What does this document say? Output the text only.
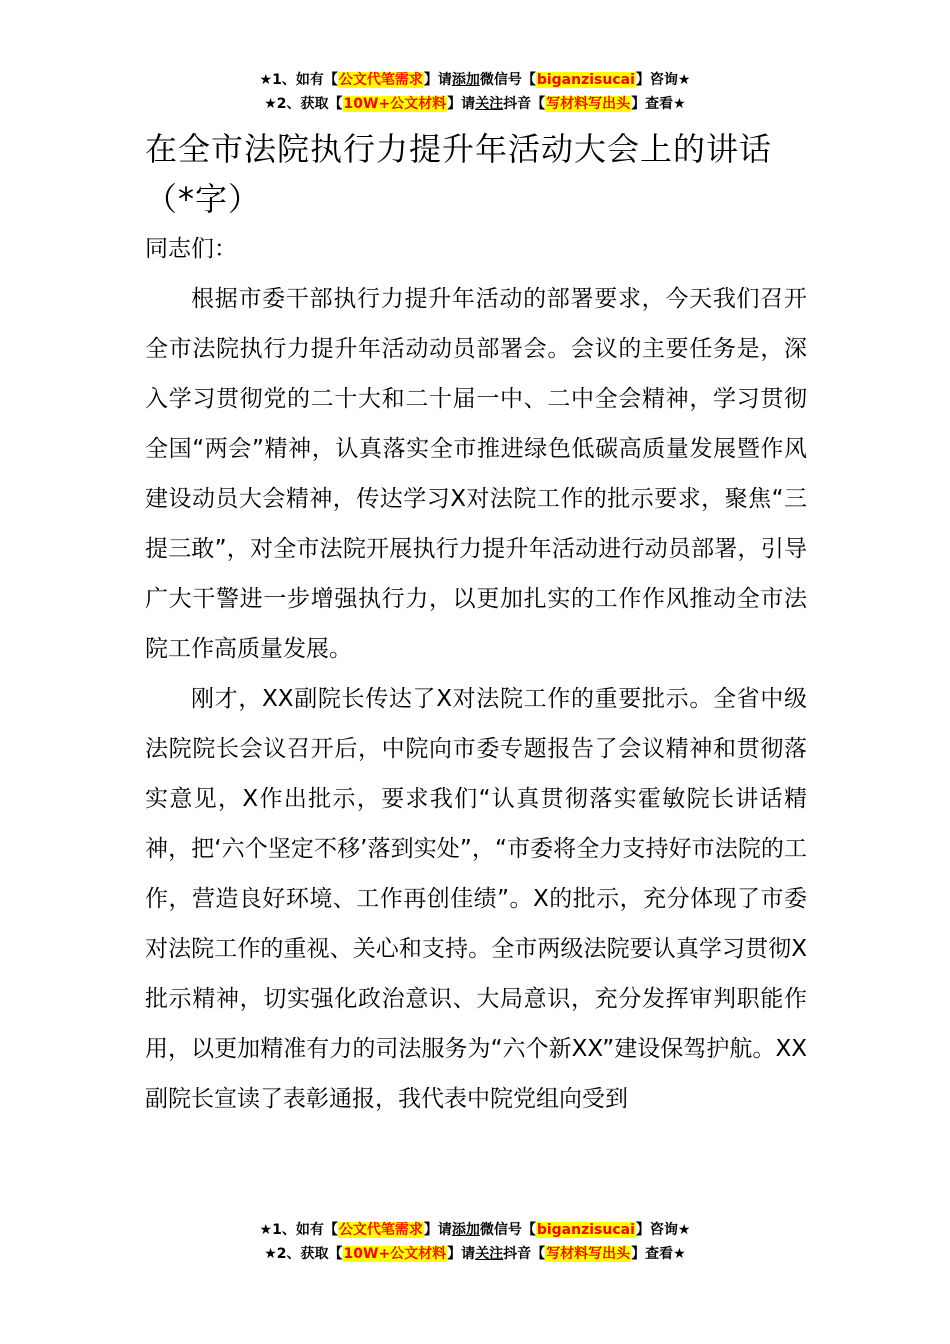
★1、如有【公文代笔需求】请添加微信号【biganzisucai】咨询★
★2、获取【10W+公文材料】请关注抖音【写材料写出头】查看★
在全市法院执行力提升年活动大会上的讲话（*字）

同志们：

根据市委干部执行力提升年活动的部署要求，今天我们召开全市法院执行力提升年活动动员部署会。会议的主要任务是，深入学习贯彻党的二十大和二十届一中、二中全会精神，学习贯彻全国“两会”精神，认真落实全市推进绿色低碳高质量发展暨作风建设动员大会精神，传达学习X对法院工作的批示要求，聚焦“三提三敢”，对全市法院开展执行力提升年活动进行动员部署，引导广大干警进一步增强执行力，以更加扎实的工作作风推动全市法院工作高质量发展。

刚才，XX副院长传达了X对法院工作的重要批示。全省中级法院院长会议召开后，中院向市委专题报告了会议精神和贯彻落实意见，X作出批示，要求我们“认真贯彻落实霍敏院长讲话精神，把‘六个坚定不移’落到实处”，“市委将全力支持好市法院的工作，营造良好环境、工作再创佳绩”。X的批示，充分体现了市委对法院工作的重视、关心和支持。全市两级法院要认真学习贯彻X批示精神，切实强化政治意识、大局意识，充分发挥审判职能作用，以更加精准有力的司法服务为“六个新XX”建设保驾护航。XX副院长宣读了表彰通报，我代表中院党组向受到

★1、如有【公文代笔需求】请添加微信号【biganzisucai】咨询★
★2、获取【10W+公文材料】请关注抖音【写材料写出头】查看★
